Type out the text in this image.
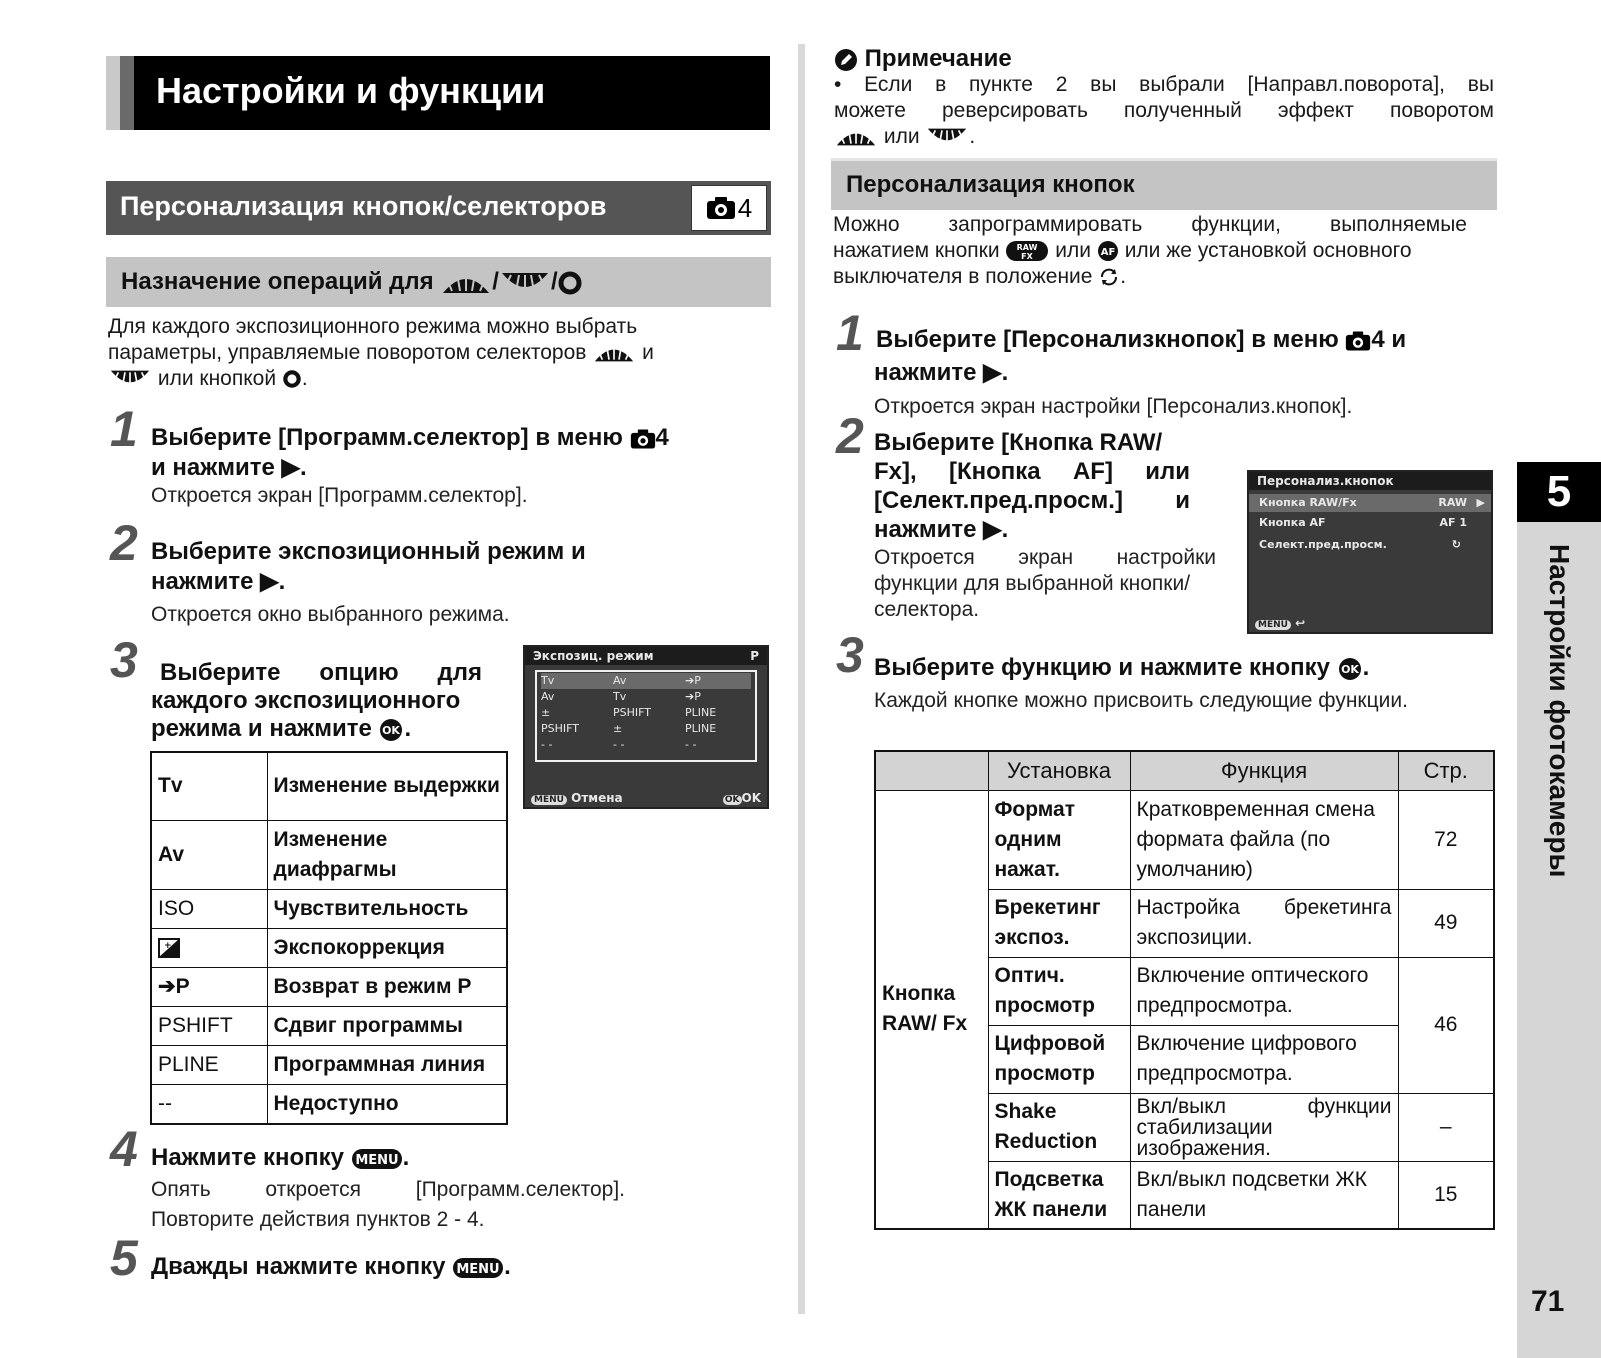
Настройки и функции
Персонализация кнопок/селекторов	4
Назначение операций для / /
Для каждого экспозиционного режима можно выбрать
параметры, управляемые поворотом селекторов	и
или кнопкой .
1 Выберите [Программ.селектор] в меню 4
и нажмите ▶.
Откроется экран [Программ.селектор].
2 Выберите экспозиционный режим и
нажмите ▶.
Откроется окно выбранного режима.
3 Выберите опцию для
каждого экспозиционного
режима и нажмите OK .
Tv	Изменение выдержки
Av	Изменение диафрагмы
ISO	Чувствительность

+	Экспокоррекция
➔P	Возврат в режим P
PSHIFT	Сдвиг программы
PLINE	Программная линия
--	Недоступно
Экспозиц. режим	P
Tv	Av	➔P
Av	Tv	➔P
±	PSHIFT	PLINE
PSHIFT	±	PLINE
- -	- -	- -
MENU Отмена	OK OK
4 Нажмите кнопку MENU .
Опять откроется [Программ.селектор].
Повторите действия пунктов 2 - 4.
5 Дважды нажмите кнопку MENU .
Примечание
• Если в пункте 2 вы выбрали [Направл.поворота], вы
можете реверсировать полученный эффект поворотом
или .
Персонализация кнопок
Можно запрограммировать функции, выполняемые
нажатием кнопки RAW
FX или AF или же установкой основного
выключателя в положение .
1 Выберите [Персонализкнопок] в меню 4 и
нажмите ▶.
Откроется экран настройки [Персонализ.кнопок].
2 Выберите [Кнопка RAW/
Fx], [Кнопка AF] или
[Селект.пред.просм.] и
нажмите ▶.
Откроется экран настройки
функции для выбранной кнопки/
селектора.
Персонализ.кнопок
Кнопка RAW/Fx	RAW ▶
Кнопка AF	AF 1
Селект.пред.просм.	↻
MENU ↩
3 Выберите функцию и нажмите кнопку OK .
Каждой кнопке можно присвоить следующие функции.
	Установка	Функция	Стр.
Кнопка RAW/ Fx	Формат одним нажат.	Кратковременная смена формата файла (по умолчанию)	72
	Брекетинг экспоз.	Настройка брекетинга экспозиции.	49
	Оптич. просмотр	Включение оптического предпросмотра.	46
	Цифровой просмотр	Включение цифрового предпросмотра.	
	Shake Reduction	Вкл/выкл функции стабилизации изображения.	–
	Подсветка ЖК панели	Вкл/выкл подсветки ЖК панели	15
5
Настройки фотокамеры
71
